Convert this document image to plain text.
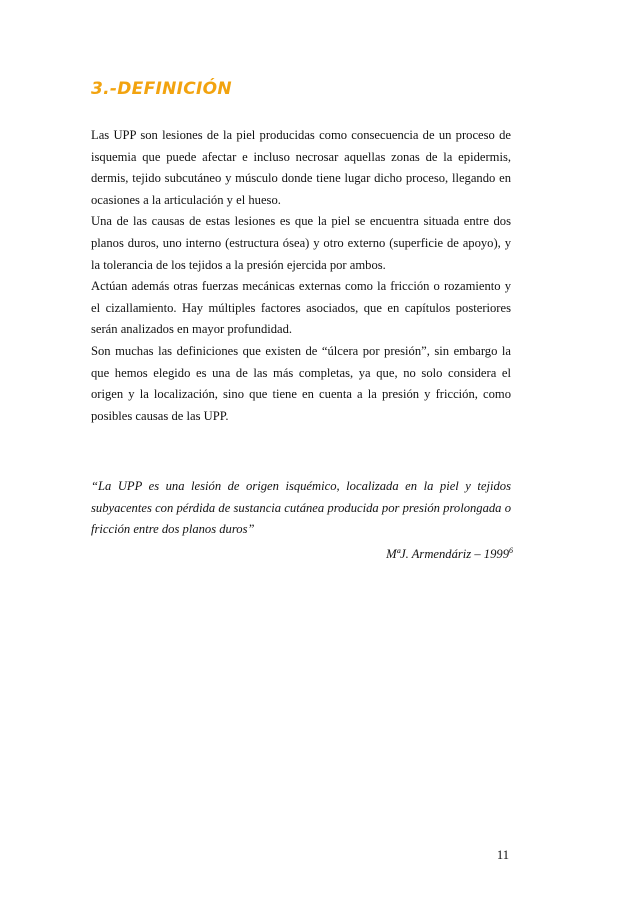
3.-DEFINICIÓN

Las UPP son lesiones de la piel producidas como consecuencia de un proceso de isquemia que puede afectar e incluso necrosar aquellas zonas de la epidermis, dermis, tejido subcutáneo y músculo donde tiene lugar dicho proceso, llegando en ocasiones a la articulación y el hueso.

Una de las causas de estas lesiones es que la piel se encuentra situada entre dos planos duros, uno interno (estructura ósea) y otro externo (superficie de apoyo), y la tolerancia de los tejidos a la presión ejercida por ambos.

Actúan además otras fuerzas mecánicas externas como la fricción o rozamiento y el cizallamiento. Hay múltiples factores asociados, que en capítulos posteriores serán analizados en mayor profundidad.

Son muchas las definiciones que existen de “úlcera por presión”, sin embargo la que hemos elegido es una de las más completas, ya que, no solo considera el origen y la localización, sino que tiene en cuenta a la presión y fricción, como posibles causas de las UPP.

“La UPP es una lesión de origen isquémico, localizada en la piel y tejidos subyacentes con pérdida de sustancia cutánea producida por presión prolongada o fricción entre dos planos duros”

MªJ. Armendáriz – 1999$^6$
11
